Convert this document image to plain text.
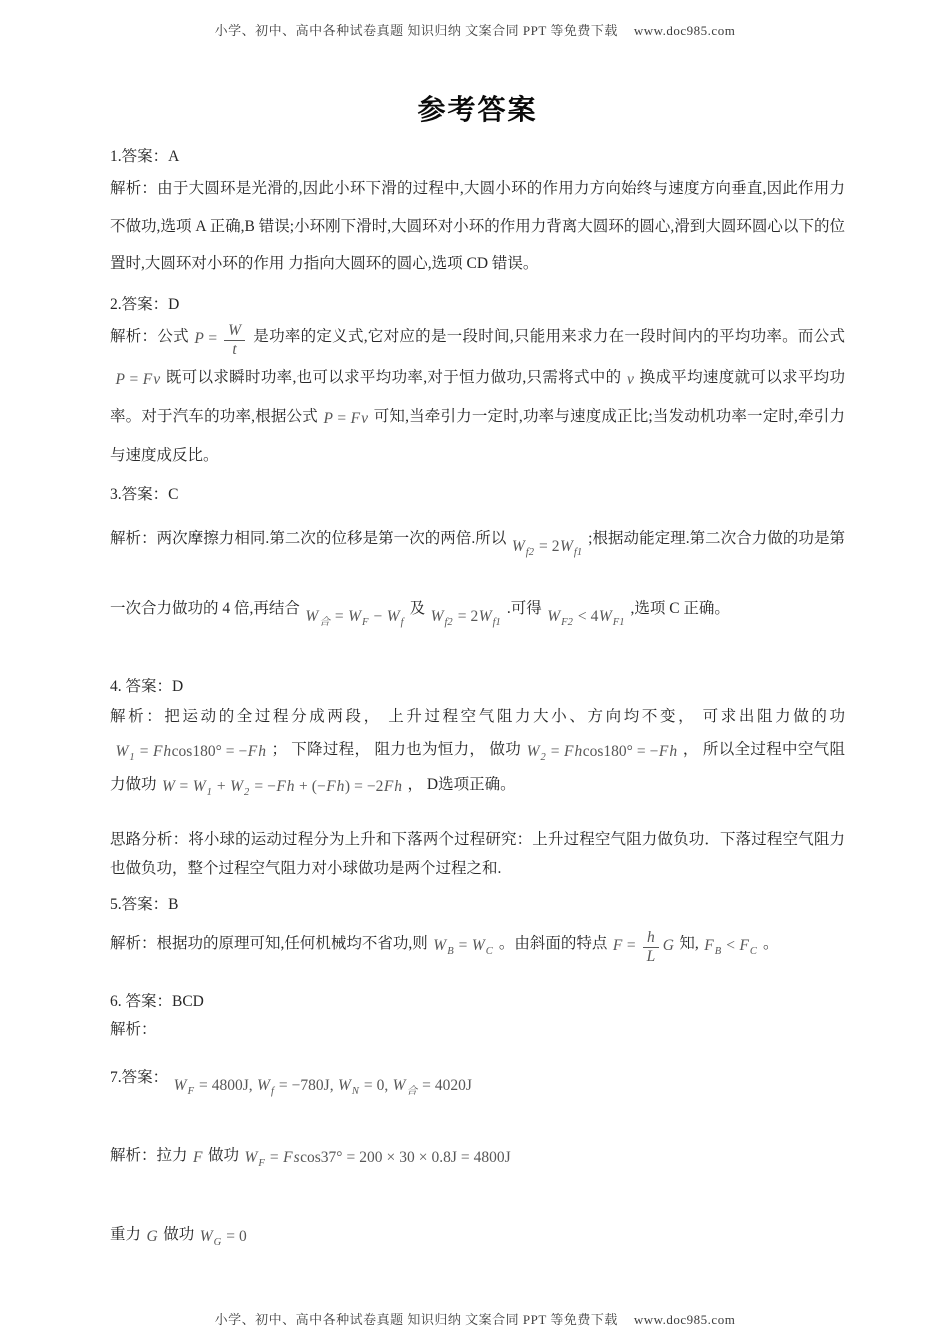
小学、初中、高中各种试卷真题 知识归纳 文案合同 PPT 等免费下载 www.doc985.com
参考答案

1.答案：A

解析：由于大圆环是光滑的,因此小环下滑的过程中,大圆小环的作用力方向始终与速度方向垂直,因此作用力不做功,选项 A 正确,B 错误;小环刚下滑时,大圆环对小环的作用力背离大圆环的圆心,滑到大圆环圆心以下的位置时,大圆环对小环的作用 力指向大圆环的圆心,选项 CD 错误。

2.答案：D

解析：公式 $P = \frac{W}{t}$ 是功率的定义式,它对应的是一段时间,只能用来求力在一段时间内的平均功率。而公式P = Fv 既可以求瞬时功率,也可以求平均功率,对于恒力做功,只需将式中的 v 换成平均速度就可以求平均功率。对于汽车的功率,根据公式 P = Fv 可知,当牵引力一定时,功率与速度成正比;当发动机功率一定时,牵引力与速度成反比。

3.答案：C

解析：两次摩擦力相同.第二次的位移是第一次的两倍.所以 $W_{f2} = 2W_{f1}$;根据动能定理.第二次合力做的功是第一次合力做功的 4 倍,再结合 $W_合 = W_F - W_f$及 $W_{f2} = 2W_{f1}$.可得 $W_{F2} < 4W_{F1}$,选项 C 正确。

4. 答案：D

解析：把运动的全过程分成两段， 上升过程空气阻力大小、方向均不变， 可求出阻力做的功$W_1 = Fhcos180^\circ = -Fh$ ； 下降过程， 阻力也为恒力， 做功 $W_2 = Fhcos180^\circ = -Fh$ ， 所以全过程中空气阻力做功 $W = W_1 + W_2 = -Fh + (-Fh) = -2Fh$ ， D选项正确。

思路分析：将小球的运动过程分为上升和下落两个过程研究：上升过程空气阻力做负功．下落过程空气阻力也做负功，整个过程空气阻力对小球做功是两个过程之和.

5.答案：B

解析：根据功的原理可知,任何机械均不省功,则 $W_B = W_C$ 。由斜面的特点 $F = \frac{h}{L}$ G 知, $F_B < F_C$ 。

6. 答案：BCD

解析：

7.答案： $W_F = 4800J$, $W_f = -780J$, $W_N = 0$, $W_合 = 4020J$

解析：拉力 F 做功 $W_F = Fscos37^\circ = 200 \times 30 \times 0.8J = 4800J$

重力 G 做功 $W_G = 0$

小学、初中、高中各种试卷真题 知识归纳 文案合同 PPT 等免费下载 www.doc985.com
